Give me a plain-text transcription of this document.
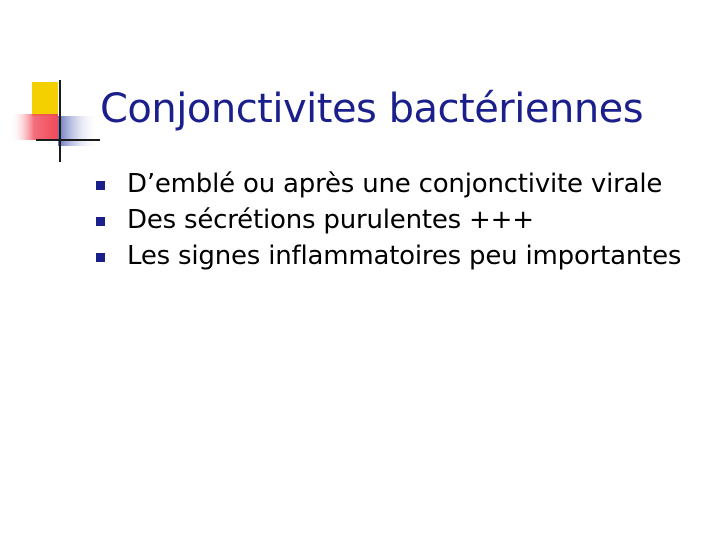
Conjonctivites bactériennes
D’emblé ou après une conjonctivite virale
Des sécrétions purulentes +++
Les signes inflammatoires peu importantes
